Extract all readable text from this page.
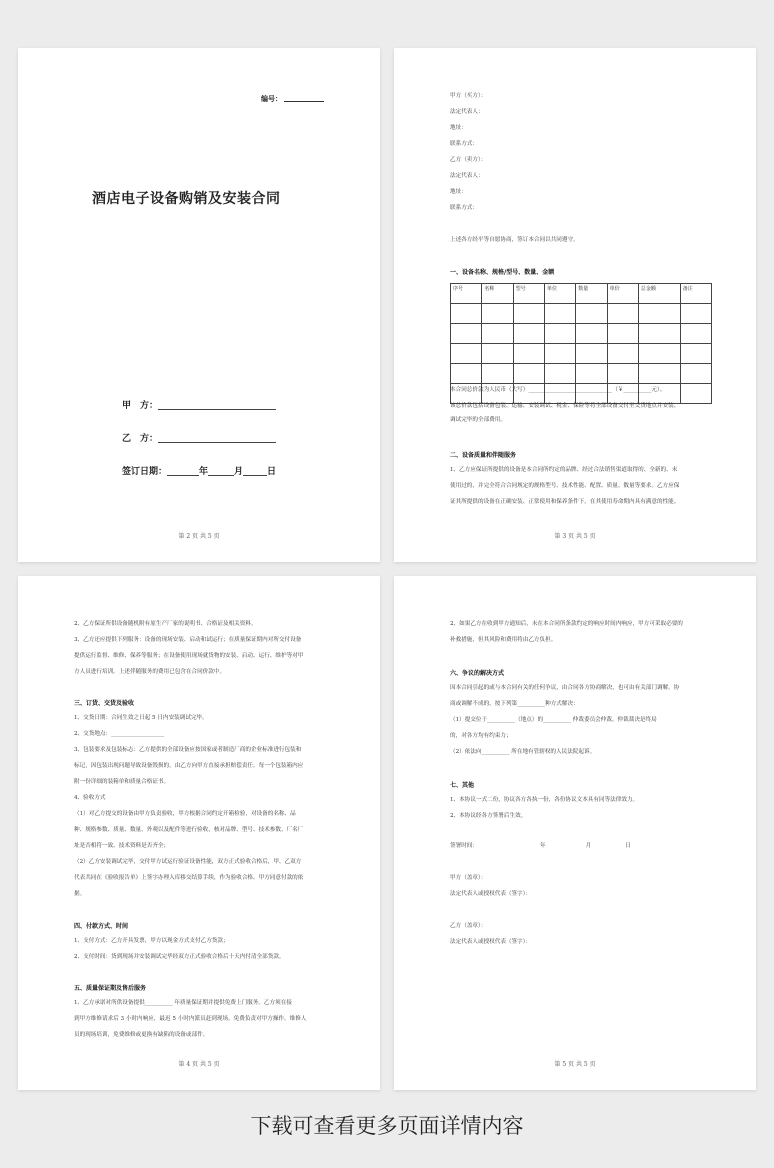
编号：
酒店电子设备购销及安装合同
甲　方：
乙　方：
签订日期：	年	月	日
第 2 页 共 5 页
甲方（买方）：
法定代表人：
地址：
联系方式：
乙方（卖方）：
法定代表人：
地址：
联系方式：
上述各方经平等自愿协商，签订本合同以共同遵守。
一、设备名称、规格/型号、数量、金额
序号	名称	型号	单位	数量	单价	总金额	备注

本合同总价款为人民币（大写）______________________________（￥__________元）。
该总价款包括设备包装、运输、安装调试、税金、保险等将全部设备交付至交货地点并安装、
调试完毕的全部费用。
二、设备质量和伴随服务
1、乙方应保证所提供的设备是本合同所约定的品牌、经过合法销售渠道取得的、全新的、未
使用过的，并完全符合合同规定的规格型号、技术性能、配置、质量、数量等要求。乙方应保
证其所提供的设备在正确安装、正常使用和保养条件下，在其使用寿命期内具有满意的性能。
第 3 页 共 5 页
2、乙方保证所供设备随机附有原生产厂家的说明书、合格证及相关资料。
3、乙方还应提供下列服务：设备的现场安装、启动和试运行；在质量保证期内对所交付设备
提供运行监督、维修、保养等服务；在设备使用现场就货物的安装、启动、运行、维护等对甲
方人员进行培训。上述伴随服务的费用已包含在合同价款中。
三、订货、交货及验收
1、交货日期：合同生效之日起 5 日内安装调试完毕。
2、交货地点：___________________
3、包装要求及包装标志：乙方提供的全部设备应按国家或者制造厂商的企业标准进行包装和
标记，因包装出现问题导致设备毁损的，由乙方向甲方直接承担赔偿责任。每一个包装箱内应
附一份详细的装箱单和质量合格证书。
4、验收方式
（1）对乙方提交的设备由甲方负责验收，甲方根据合同约定开箱检验，对设备的名称、品
种、规格参数、质量、数量、外观以及配件等进行验收，核对品牌、型号、技术参数、厂名厂
址是否相符一致、技术资料是否齐全；
（2）乙方安装调试完毕，交付甲方试运行验证设备性能，双方正式验收合格后，甲、乙双方
代表共同在《验收报告单》上签字办理入库移交结算手续，作为验收合格、甲方同意付款的依
据。
四、付款方式、时间
1、支付方式：乙方开具发票，甲方以现金方式支付乙方货款；
2、支付时间：货到现场并安装调试完毕经双方正式验收合格后十天内付清全部货款。
五、质量保证期及售后服务
1、乙方承诺对所供设备提供__________ 年质量保证期并提供免费上门服务。乙方须在接
到甲方维修请求后 3 小时内响应，最迟 5 小时内派员赶到现场，免费负责对甲方操作、维修人
员的现场培训，免费维修或更换有缺陷的设备或部件。
第 4 页 共 5 页
2、如果乙方在收到甲方通知后，未在本合同所条款约定的响应时间内响应，甲方可采取必要的
补救措施，但其风险和费用将由乙方负担。
六、争议的解决方式
因本合同引起的或与本合同有关的任何争议，由合同各方协商解决，也可由有关部门调解。协
商或调解不成的，按下列第__________种方式解决：
（1）提交位于__________（地点）的__________ 仲裁委员会仲裁。仲裁裁决是终局
的，对各方均有约束力；
（2）依法向__________ 所在地有管辖权的人民法院起诉。
七、其他
1、本协议一式二份，协议各方各执一份，各份协议文本具有同等法律效力。
2、本协议经各方签署后生效。
签署时间：	年	月	日
甲方（盖章）：
法定代表人或授权代表（签字）：
乙方（盖章）：
法定代表人或授权代表（签字）：
第 5 页 共 5 页
下载可查看更多页面详情内容
